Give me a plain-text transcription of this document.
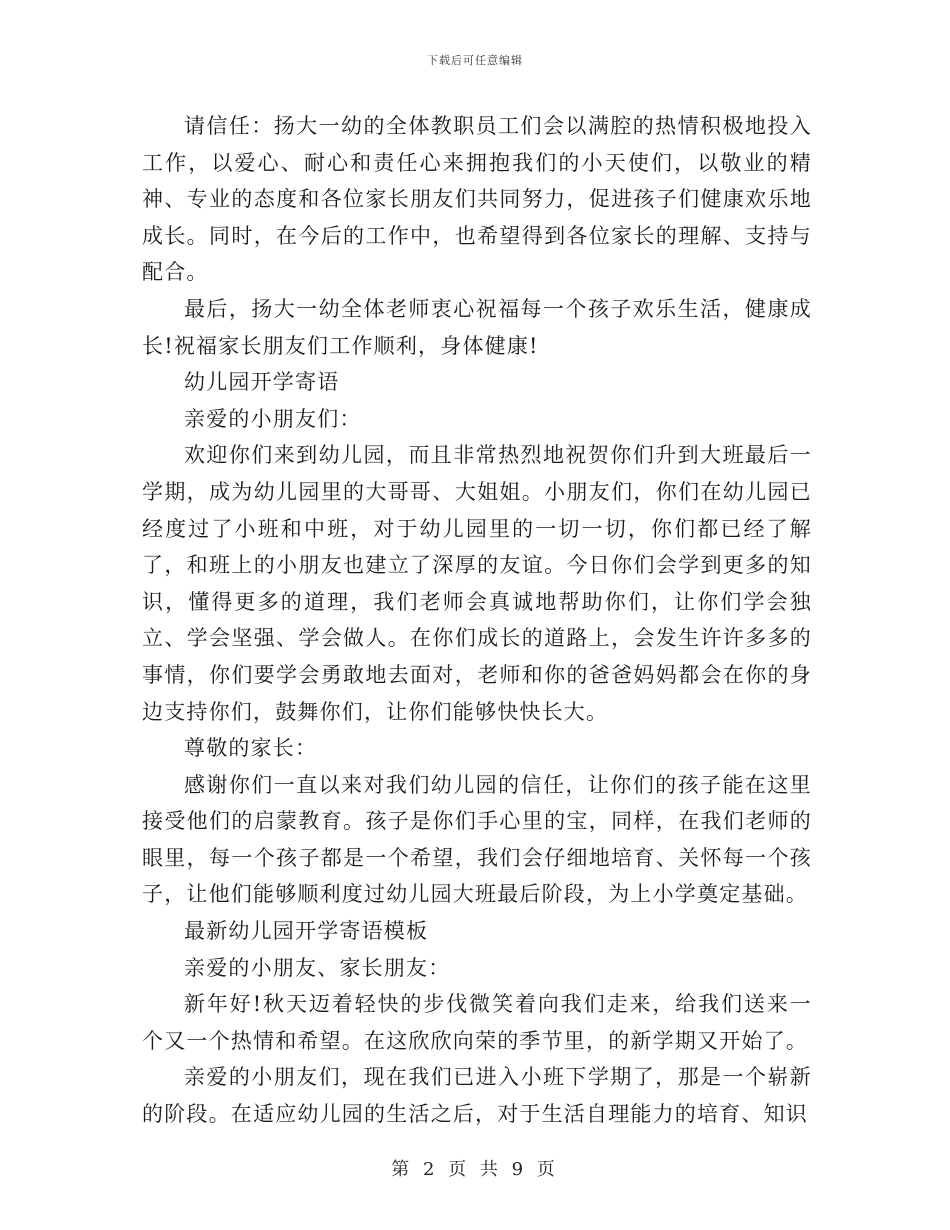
下载后可任意编辑

请信任：扬大一幼的全体教职员工们会以满腔的热情积极地投入工作，以爱心、耐心和责任心来拥抱我们的小天使们，以敬业的精神、专业的态度和各位家长朋友们共同努力，促进孩子们健康欢乐地成长。同时，在今后的工作中，也希望得到各位家长的理解、支持与配合。

最后，扬大一幼全体老师衷心祝福每一个孩子欢乐生活，健康成长!祝福家长朋友们工作顺利，身体健康!

幼儿园开学寄语

亲爱的小朋友们：

欢迎你们来到幼儿园，而且非常热烈地祝贺你们升到大班最后一学期，成为幼儿园里的大哥哥、大姐姐。小朋友们，你们在幼儿园已经度过了小班和中班，对于幼儿园里的一切一切，你们都已经了解了，和班上的小朋友也建立了深厚的友谊。今日你们会学到更多的知识，懂得更多的道理，我们老师会真诚地帮助你们，让你们学会独立、学会坚强、学会做人。在你们成长的道路上，会发生许许多多的事情，你们要学会勇敢地去面对，老师和你的爸爸妈妈都会在你的身边支持你们，鼓舞你们，让你们能够快快长大。

尊敬的家长：

感谢你们一直以来对我们幼儿园的信任，让你们的孩子能在这里接受他们的启蒙教育。孩子是你们手心里的宝，同样，在我们老师的眼里，每一个孩子都是一个希望，我们会仔细地培育、关怀每一个孩子，让他们能够顺利度过幼儿园大班最后阶段，为上小学奠定基础。

最新幼儿园开学寄语模板

亲爱的小朋友、家长朋友：

新年好!秋天迈着轻快的步伐微笑着向我们走来，给我们送来一个又一个热情和希望。在这欣欣向荣的季节里，的新学期又开始了。

亲爱的小朋友们，现在我们已进入小班下学期了，那是一个崭新的阶段。在适应幼儿园的生活之后，对于生活自理能力的培育、知识

第 2 页 共 9 页
